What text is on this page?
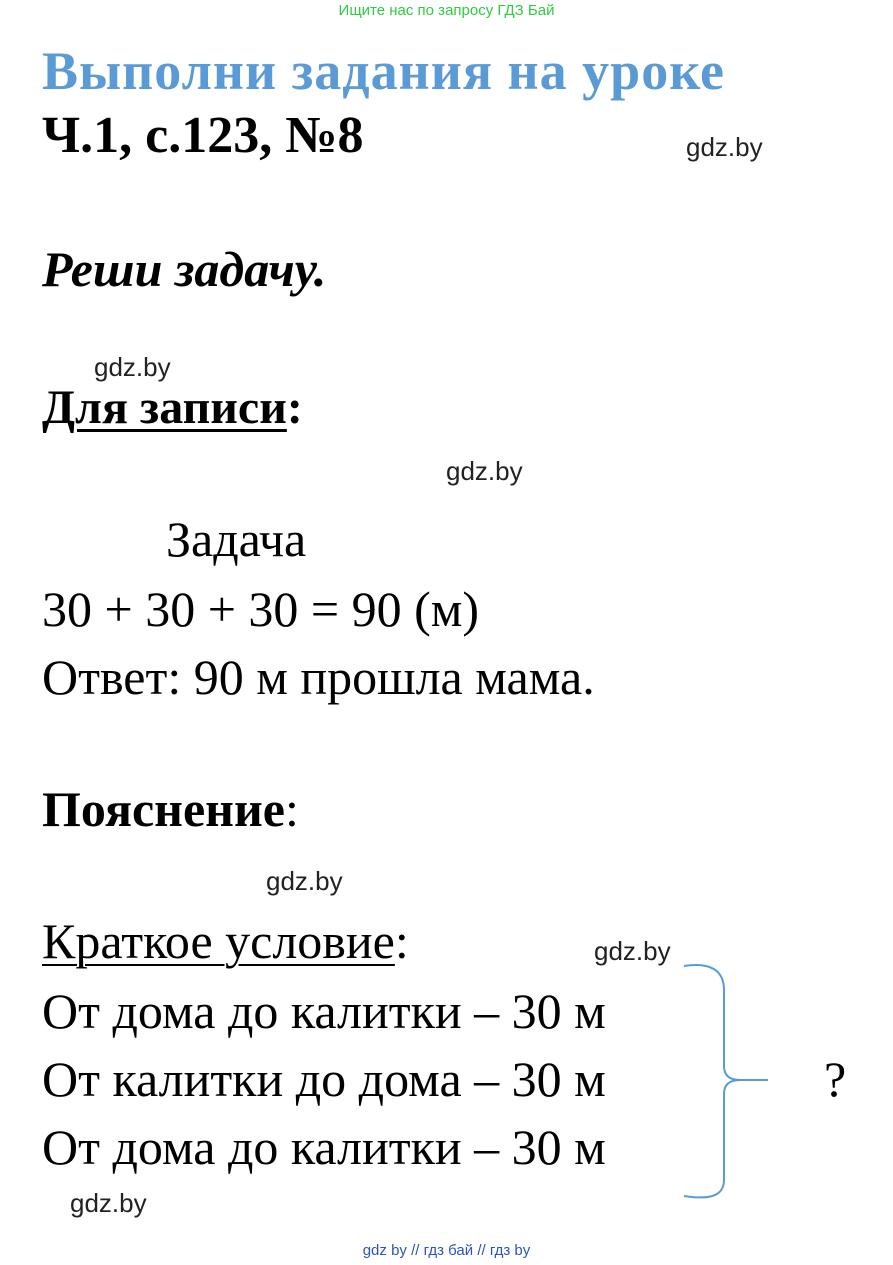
Ищите нас по запросу ГДЗ Бай
Выполни задания на уроке
Ч.1, с.123, №8	gdz.by
Реши задачу.
gdz.by
Для записи:
gdz.by
Задача
30 + 30 + 30 = 90 (м)
Ответ: 90 м прошла мама.
Пояснение:
gdz.by
Краткое условие:	gdz.by
От дома до калитки – 30 м
От калитки до дома – 30 м
От дома до калитки – 30 м
?
gdz.by
gdz by // гдз бай // гдз by
